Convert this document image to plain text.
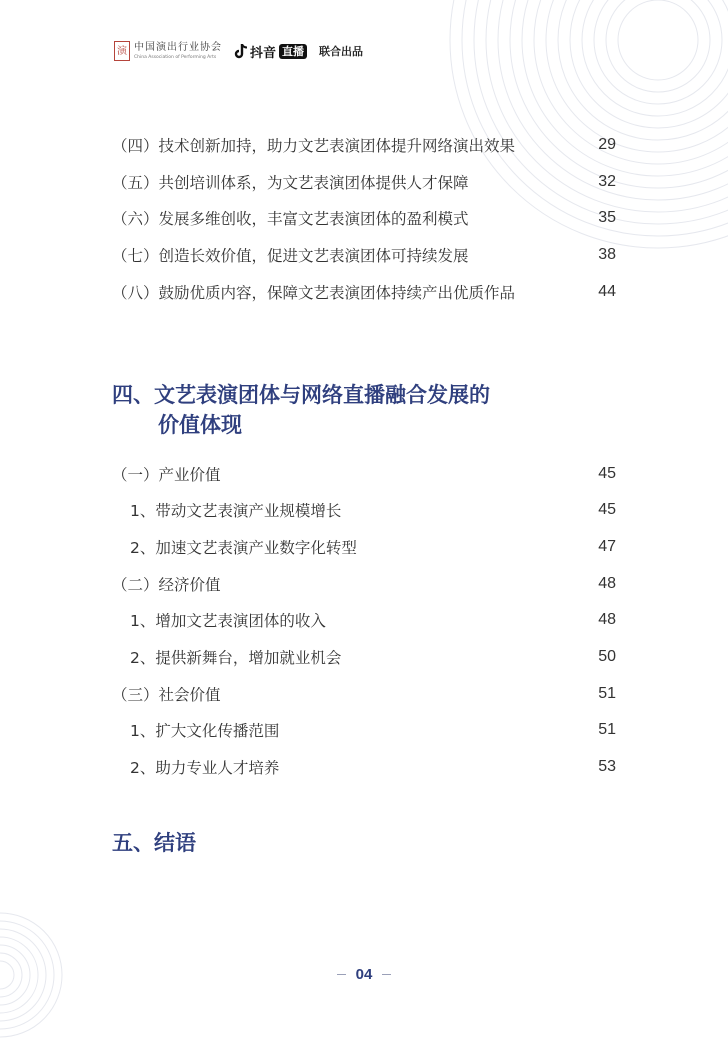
演 中国演出行业协会
China Association of Performing Arts	抖音 直播 联合出品
（四）技术创新加持，助力文艺表演团体提升网络演出效果	29
（五）共创培训体系，为文艺表演团体提供人才保障	32
（六）发展多维创收，丰富文艺表演团体的盈利模式	35
（七）创造长效价值，促进文艺表演团体可持续发展	38
（八）鼓励优质内容，保障文艺表演团体持续产出优质作品	44
四、文艺表演团体与网络直播融合发展的
价值体现
（一）产业价值	45
1、带动文艺表演产业规模增长	45
2、加速文艺表演产业数字化转型	47
（二）经济价值	48
1、增加文艺表演团体的收入	48
2、提供新舞台，增加就业机会	50
（三）社会价值	51
1、扩大文化传播范围	51
2、助力专业人才培养	53
五、结语
04
